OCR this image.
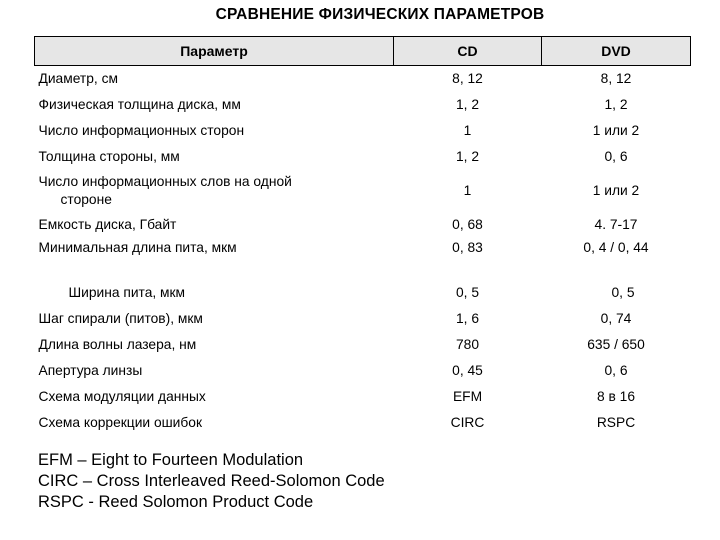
СРАВНЕНИЕ ФИЗИЧЕСКИХ ПАРАМЕТРОВ
Параметр	CD	DVD
Диаметр, см	8, 12	8, 12
Физическая толщина диска, мм	1, 2	1, 2
Число информационных сторон	1	1 или 2
Толщина стороны, мм	1, 2	0, 6

Число информационных слов на одной
стороне	1	1 или 2
Емкость диска, Гбайт	0, 68	4. 7-17
Минимальная длина пита, мкм	0, 83	0, 4 / 0, 44
Ширина пита, мкм	0, 5	0, 5
Шаг спирали (питов), мкм	1, 6	0, 74
Длина волны лазера, нм	780	635 / 650
Апертура линзы	0, 45	0, 6
Схема модуляции данных	EFM	8 в 16
Схема коррекции ошибок	CIRC	RSPC
EFM – Eight to Fourteen Modulation
CIRC – Cross Interleaved Reed-Solomon Code
RSPC - Reed Solomon Product Code
